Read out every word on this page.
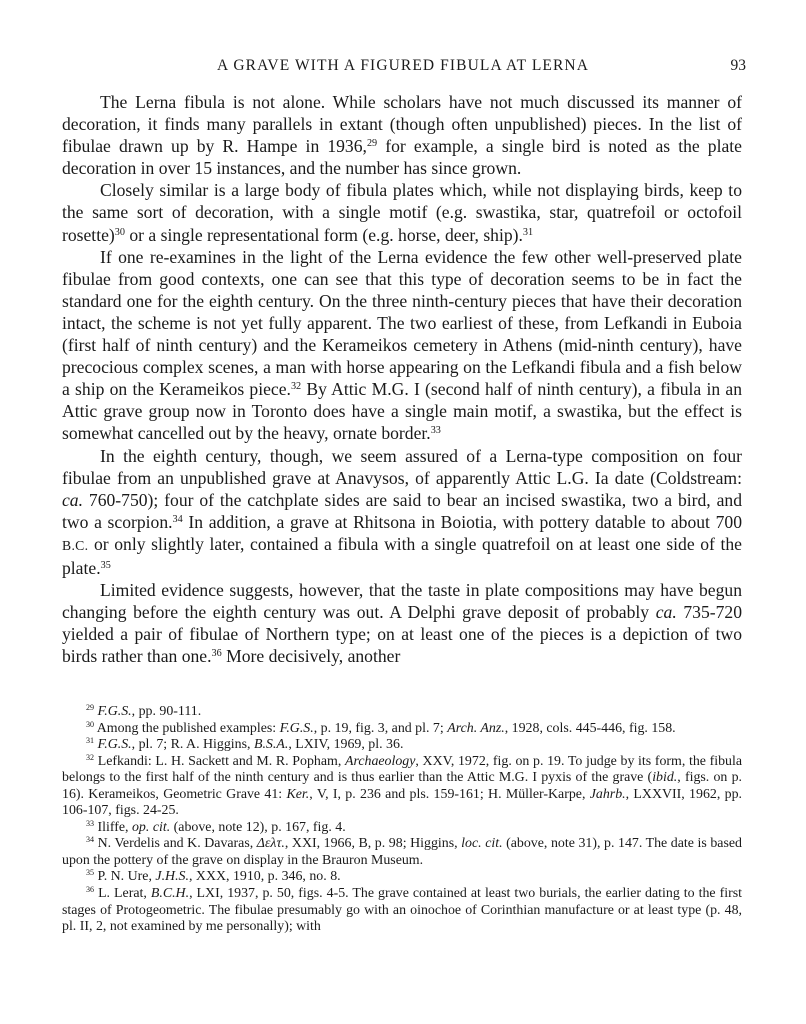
A GRAVE WITH A FIGURED FIBULA AT LERNA	93

The Lerna fibula is not alone. While scholars have not much discussed its manner of decoration, it finds many parallels in extant (though often unpublished) pieces. In the list of fibulae drawn up by R. Hampe in 1936,29 for example, a single bird is noted as the plate decoration in over 15 instances, and the number has since grown.

Closely similar is a large body of fibula plates which, while not displaying birds, keep to the same sort of decoration, with a single motif (e.g. swastika, star, quatrefoil or octofoil rosette)$^{30}$ or a single representational form (e.g. horse, deer, ship).$^{31}$

If one re-examines in the light of the Lerna evidence the few other well-preserved plate fibulae from good contexts, one can see that this type of decoration seems to be in fact the standard one for the eighth century. On the three ninth-century pieces that have their decoration intact, the scheme is not yet fully apparent. The two earliest of these, from Lefkandi in Euboia (first half of ninth century) and the Kerameikos cemetery in Athens (mid-ninth century), have precocious complex scenes, a man with horse appearing on the Lefkandi fibula and a fish below a ship on the Kerameikos piece.$^{32}$ By Attic M.G. I (second half of ninth century), a fibula in an Attic grave group now in Toronto does have a single main motif, a swastika, but the effect is somewhat cancelled out by the heavy, ornate border.$^{33}$

In the eighth century, though, we seem assured of a Lerna-type composition on four fibulae from an unpublished grave at Anavysos, of apparently Attic L.G. Ia date (Coldstream: ca. 760-750); four of the catchplate sides are said to bear an incised swastika, two a bird, and two a scorpion.$^{34}$ In addition, a grave at Rhitsona in Boiotia, with pottery datable to about 700 B.C. or only slightly later, contained a fibula with a single quatrefoil on at least one side of the plate.$^{35}$

Limited evidence suggests, however, that the taste in plate compositions may have begun changing before the eighth century was out. A Delphi grave deposit of probably ca. 735-720 yielded a pair of fibulae of Northern type; on at least one of the pieces is a depiction of two birds rather than one.$^{36}$ More decisively, another

$^{29}$ F.G.S., pp. 90-111.

$^{30}$ Among the published examples: F.G.S., p. 19, fig. 3, and pl. 7; Arch. Anz., 1928, cols. 445-446, fig. 158.

$^{31}$ F.G.S., pl. 7; R. A. Higgins, B.S.A., LXIV, 1969, pl. 36.

$^{32}$ Lefkandi: L. H. Sackett and M. R. Popham, Archaeology, XXV, 1972, fig. on p. 19. To judge by its form, the fibula belongs to the first half of the ninth century and is thus earlier than the Attic M.G. I pyxis of the grave (ibid., figs. on p. 16). Kerameikos, Geometric Grave 41: Ker., V, I, p. 236 and pls. 159-161; H. Müller-Karpe, Jahrb., LXXVII, 1962, pp. 106-107, figs. 24-25.

$^{33}$ Iliffe, op. cit. (above, note 12), p. 167, fig. 4.

$^{34}$ N. Verdelis and K. Davaras, Δελτ., XXI, 1966, B, p. 98; Higgins, loc. cit. (above, note 31), p. 147. The date is based upon the pottery of the grave on display in the Brauron Museum.

$^{35}$ P. N. Ure, J.H.S., XXX, 1910, p. 346, no. 8.

$^{36}$ L. Lerat, B.C.H., LXI, 1937, p. 50, figs. 4-5. The grave contained at least two burials, the earlier dating to the first stages of Protogeometric. The fibulae presumably go with an oinochoe of Corinthian manufacture or at least type (p. 48, pl. II, 2, not examined by me personally); with
